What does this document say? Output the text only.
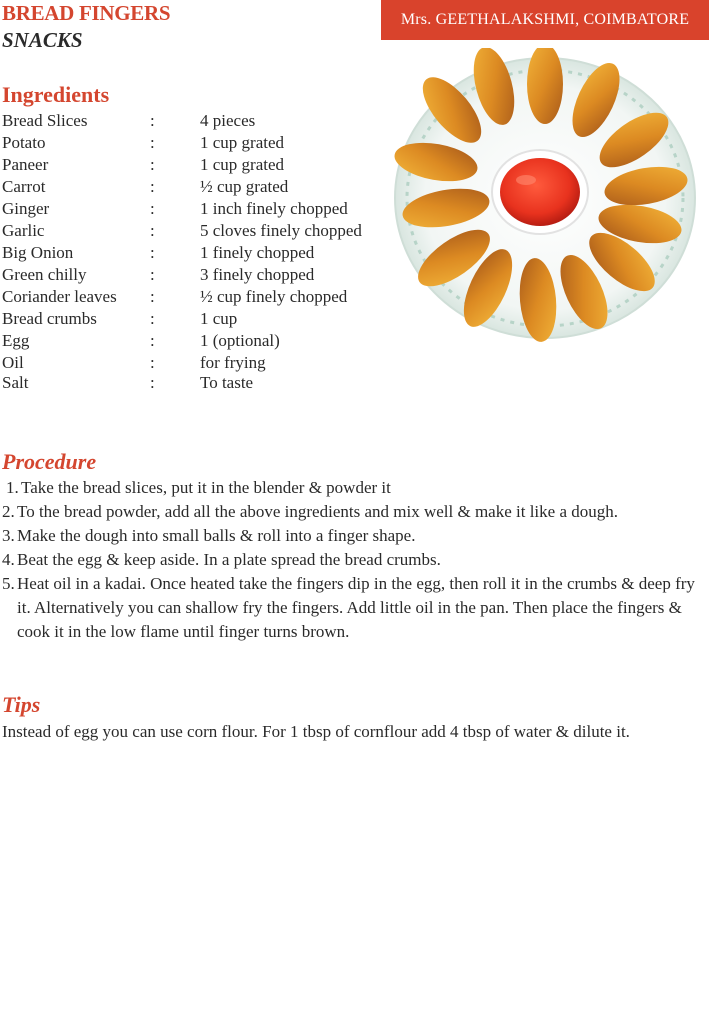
BREAD FINGERS
SNACKS
Mrs. GEETHALAKSHMI, COIMBATORE
Ingredients
Bread Slices	:	4 pieces
Potato	:	1 cup grated
Paneer	:	1 cup grated
Carrot	:	½ cup grated
Ginger	:	1 inch finely chopped
Garlic	:	5 cloves finely chopped
Big Onion	:	1 finely chopped
Green chilly	:	3 finely chopped
Coriander leaves :	½ cup finely chopped
Bread crumbs	:	1 cup
Egg	:	1 (optional)
Oil	:	for frying
Salt	:	To taste
Procedure

1. Take the bread slices, put it in the blender & powder it

2. To the bread powder, add all the above ingredients and mix well & make it like a dough.

3. Make the dough into small balls & roll into a finger shape.

4. Beat the egg & keep aside. In a plate spread the bread crumbs.

5. Heat oil in a kadai. Once heated take the fingers dip in the egg, then roll it in the crumbs & deep fry it. Alternatively you can shallow fry the fingers. Add little oil in the pan. Then place the fingers & cook it in the low flame until finger turns brown.

Tips

Instead of egg you can use corn flour. For 1 tbsp of cornflour add 4 tbsp of water & dilute it.
